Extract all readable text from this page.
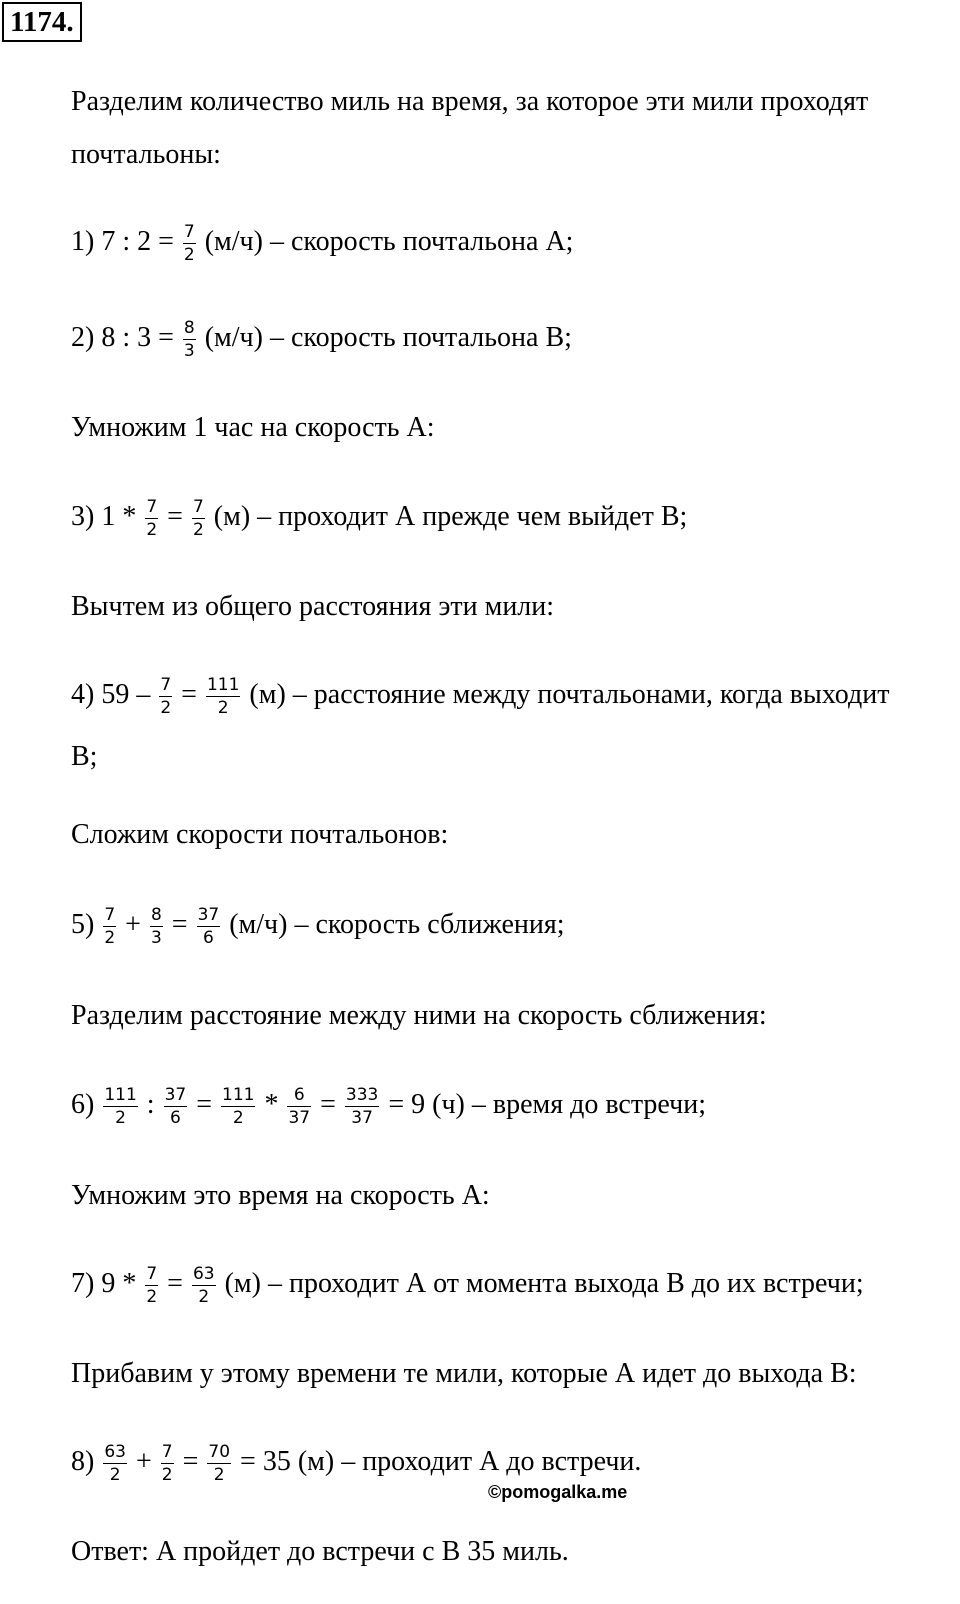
1174.
Разделим количество миль на время, за которое эти мили проходят
почтальоны:
1) 7 : $2 = \frac{7}{2} (м/ч)$ – скорость почтальона А;
2) 8 : $3 = \frac{8}{3} (м/ч)$ – скорость почтальона В;
Умножим 1 час на скорость А:
3) $1 * \frac{7}{2} = \frac{7}{2} (м)$ – проходит А прежде чем выйдет В;
Вычтем из общего расстояния эти мили:
4) $59 - \frac{7}{2} = \frac{111}{2} (м)$ – расстояние между почтальонами, когда выходит
В;
Сложим скорости почтальонов:
$5) \frac{7}{2} + \frac{8}{3} = \frac{37}{6} (м/ч)$ – скорость сближения;
Разделим расстояние между ними на скорость сближения:
$6) \frac{111}{2}$ : $\frac{37}{6} = \frac{111}{2} * \frac{6}{37} = \frac{333}{37} = 9$ (ч) – время до встречи;
Умножим это время на скорость А:
7) $9 * \frac{7}{2} = \frac{63}{2} (м)$ – проходит А от момента выхода В до их встречи;
Прибавим у этому времени те мили, которые А идет до выхода В:
$8) \frac{63}{2} + \frac{7}{2} = \frac{70}{2} = 35$ (м) – проходит А до встречи.
©pomogalka.me
Ответ: А пройдет до встречи с В 35 миль.
